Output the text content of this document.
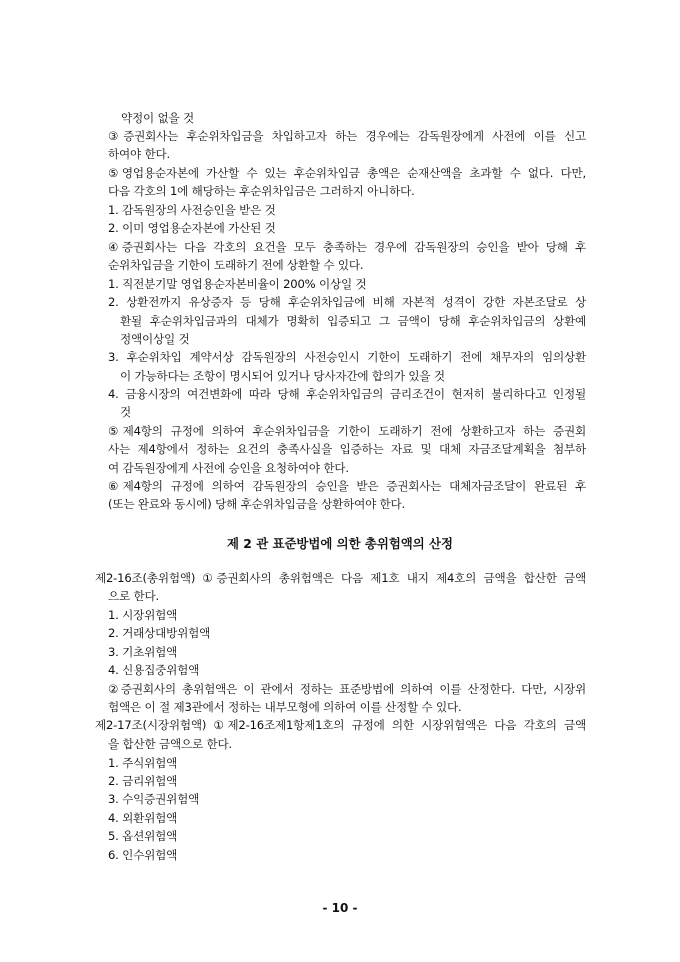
약정이 없을 것
③증권회사는 후순위차입금을 차입하고자 하는 경우에는 감독원장에게 사전에 이를 신고
하여야 한다.
⑤영업용순자본에 가산할 수 있는 후순위차입금 총액은 순재산액을 초과할 수 없다. 다만,
다음 각호의 1에 해당하는 후순위차입금은 그러하지 아니하다.
1. 감독원장의 사전승인을 받은 것
2. 이미 영업용순자본에 가산된 것
④증권회사는 다음 각호의 요건을 모두 충족하는 경우에 감독원장의 승인을 받아 당해 후
순위차입금을 기한이 도래하기 전에 상환할 수 있다.
1. 직전분기말 영업용순자본비율이 200% 이상일 것
2. 상환전까지 유상증자 등 당해 후순위차입금에 비해 자본적 성격이 강한 자본조달로 상
환될 후순위차입금과의 대체가 명확히 입증되고 그 금액이 당해 후순위차입금의 상환예
정액이상일 것
3. 후순위차입 계약서상 감독원장의 사전승인시 기한이 도래하기 전에 채무자의 임의상환
이 가능하다는 조항이 명시되어 있거나 당사자간에 합의가 있을 것
4. 금융시장의 여건변화에 따라 당해 후순위차입금의 금리조건이 현저히 불리하다고 인정될
것
⑤제4항의 규정에 의하여 후순위차입금을 기한이 도래하기 전에 상환하고자 하는 증권회
사는 제4항에서 정하는 요건의 충족사실을 입증하는 자료 및 대체 자금조달계획을 첨부하
여 감독원장에게 사전에 승인을 요청하여야 한다.
⑥제4항의 규정에 의하여 감독원장의 승인을 받은 증권회사는 대체자금조달이 완료된 후
(또는 완료와 동시에) 당해 후순위차입금을 상환하여야 한다.
제 2 관 표준방법에 의한 총위험액의 산정
제2-16조(총위험액) ①증권회사의 총위험액은 다음 제1호 내지 제4호의 금액을 합산한 금액
으로 한다.
1. 시장위험액
2. 거래상대방위험액
3. 기초위험액
4. 신용집중위험액
②증권회사의 총위험액은 이 관에서 정하는 표준방법에 의하여 이를 산정한다. 다만, 시장위
험액은 이 절 제3관에서 정하는 내부모형에 의하여 이를 산정할 수 있다.
제2-17조(시장위험액) ①제2-16조제1항제1호의 규정에 의한 시장위험액은 다음 각호의 금액
을 합산한 금액으로 한다.
1. 주식위험액
2. 금리위험액
3. 수익증권위험액
4. 외환위험액
5. 옵션위험액
6. 인수위험액
- 10 -
